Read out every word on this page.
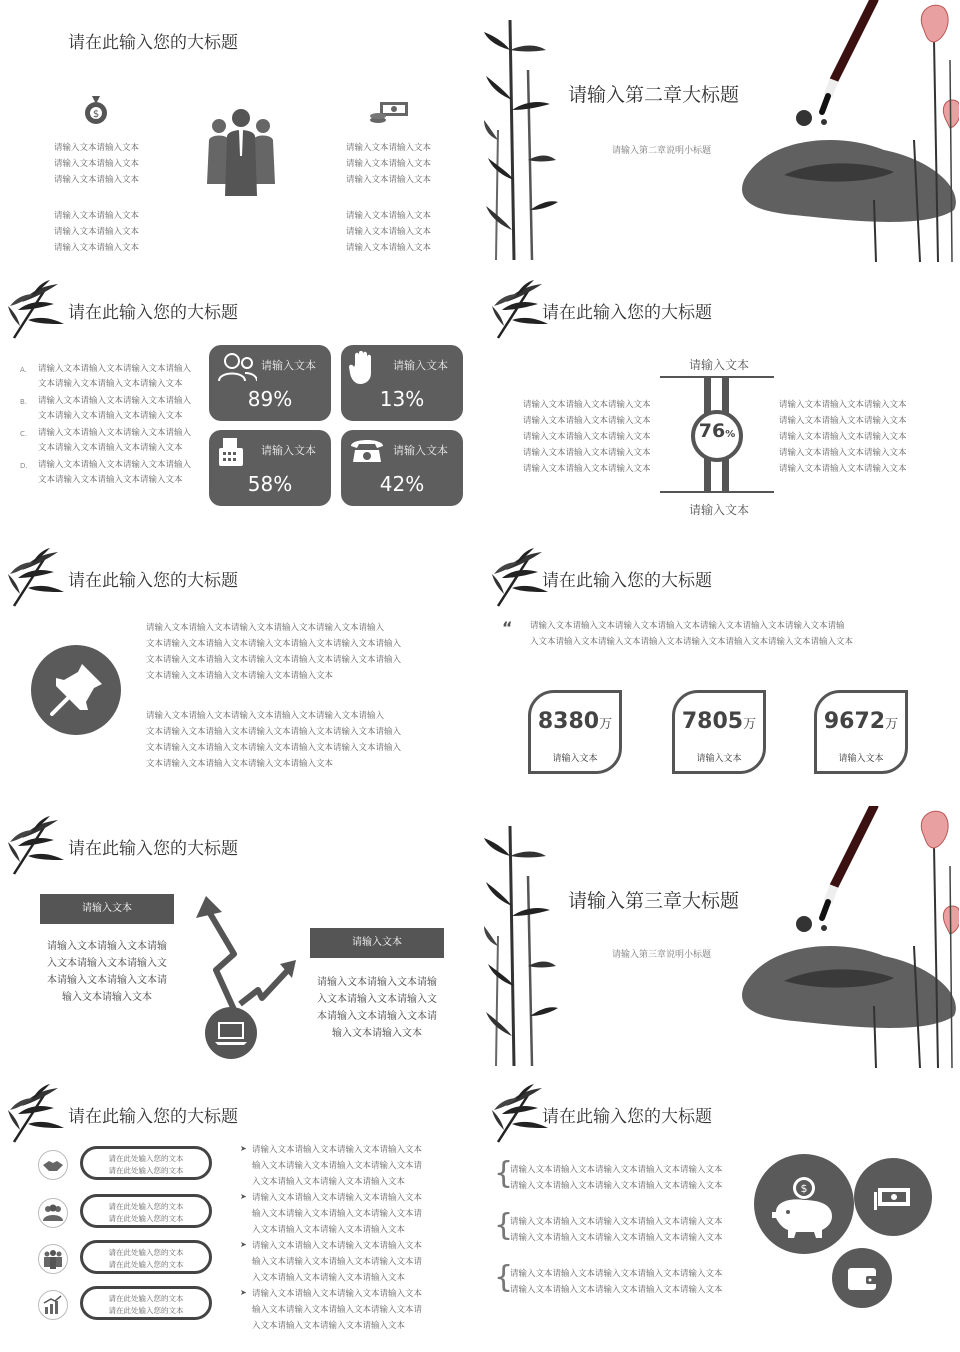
请在此输入您的大标题
$
请输入文本请输入文本
请输入文本请输入文本
请输入文本请输入文本
请输入文本请输入文本
请输入文本请输入文本
请输入文本请输入文本
请输入文本请输入文本
请输入文本请输入文本
请输入文本请输入文本
请输入文本请输入文本
请输入文本请输入文本
请输入文本请输入文本
请输入第二章大标题
请输入第二章说明小标题
请在此输入您的大标题
A. 请输入文本请输入文本请输入文本请输入
文本请输入文本请输入文本请输入文本
B. 请输入文本请输入文本请输入文本请输入
文本请输入文本请输入文本请输入文本
C. 请输入文本请输入文本请输入文本请输入
文本请输入文本请输入文本请输入文本
D. 请输入文本请输入文本请输入文本请输入
文本请输入文本请输入文本请输入文本
请输入文本
89%
请输入文本
13%
请输入文本
58%
请输入文本
42%
请在此输入您的大标题
请输入文本
请输入文本
76%
请输入文本请输入文本请输入文本
请输入文本请输入文本请输入文本
请输入文本请输入文本请输入文本
请输入文本请输入文本请输入文本
请输入文本请输入文本请输入文本
请输入文本请输入文本请输入文本
请输入文本请输入文本请输入文本
请输入文本请输入文本请输入文本
请输入文本请输入文本请输入文本
请输入文本请输入文本请输入文本
请在此输入您的大标题
请输入文本请输入文本请输入文本请输入文本请输入文本请输入
文本请输入文本请输入文本请输入文本请输入文本请输入文本请输入
文本请输入文本请输入文本请输入文本请输入文本请输入文本请输入
文本请输入文本请输入文本请输入文本请输入文本
请输入文本请输入文本请输入文本请输入文本请输入文本请输入
文本请输入文本请输入文本请输入文本请输入文本请输入文本请输入
文本请输入文本请输入文本请输入文本请输入文本请输入文本请输入
文本请输入文本请输入文本请输入文本请输入文本
请在此输入您的大标题
“ 请输入文本请输入文本请输入文本请输入文本请输入文本请输入文本请输入文本请输
入文本请输入文本请输入文本请输入文本请输入文本请输入文本请输入文本请输入文本
8380万
请输入文本
7805万
请输入文本
9672万
请输入文本
请在此输入您的大标题
请输入文本
请输入文本请输入文本请输
入文本请输入文本请输入文
本请输入文本请输入文本请
输入文本请输入文本
请输入文本
请输入文本请输入文本请输
入文本请输入文本请输入文
本请输入文本请输入文本请
输入文本请输入文本
请输入第三章大标题
请输入第三章说明小标题
请在此输入您的大标题
请在此处输入您的文本
请在此处输入您的文本
请在此处输入您的文本
请在此处输入您的文本
请在此处输入您的文本
请在此处输入您的文本
请在此处输入您的文本
请在此处输入您的文本
➤ 请输入文本请输入文本请输入文本请输入文本
输入文本请输入文本请输入文本请输入文本请
入文本请输入文本请输入文本请输入文本
➤ 请输入文本请输入文本请输入文本请输入文本
输入文本请输入文本请输入文本请输入文本请
入文本请输入文本请输入文本请输入文本
➤ 请输入文本请输入文本请输入文本请输入文本
输入文本请输入文本请输入文本请输入文本请
入文本请输入文本请输入文本请输入文本
➤ 请输入文本请输入文本请输入文本请输入文本
输入文本请输入文本请输入文本请输入文本请
入文本请输入文本请输入文本请输入文本
请在此输入您的大标题
{
请输入文本请输入文本请输入文本请输入文本请输入文本
请输入文本请输入文本请输入文本请输入文本请输入文本
{
请输入文本请输入文本请输入文本请输入文本请输入文本
请输入文本请输入文本请输入文本请输入文本请输入文本
{
请输入文本请输入文本请输入文本请输入文本请输入文本
请输入文本请输入文本请输入文本请输入文本请输入文本
$
